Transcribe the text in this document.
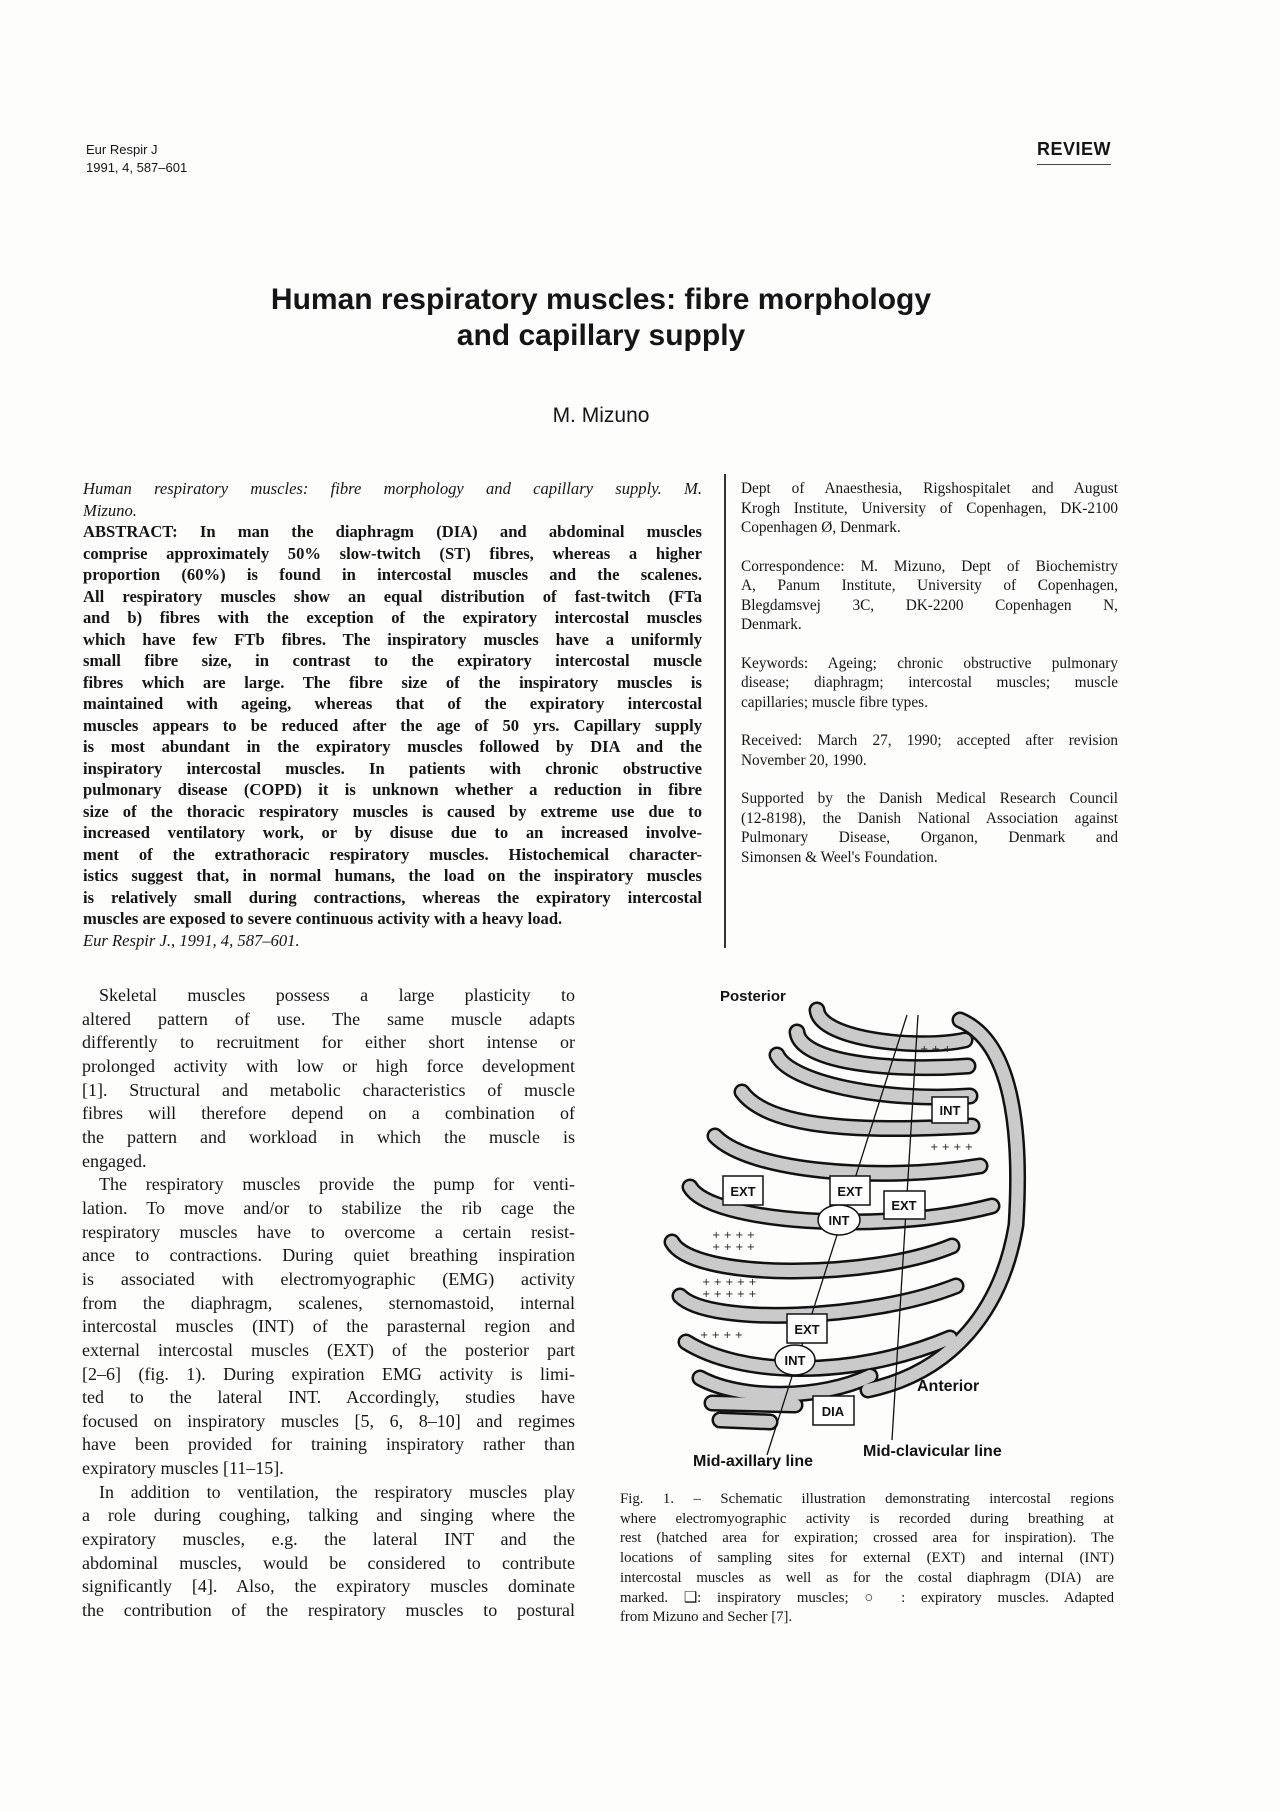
Eur Respir J
1991, 4, 587–601
REVIEW
Human respiratory muscles: fibre morphology
and capillary supply
M. Mizuno
Human respiratory muscles: fibre morphology and capillary supply. M.
Mizuno.
ABSTRACT: In man the diaphragm (DIA) and abdominal muscles
comprise approximately 50% slow-twitch (ST) fibres, whereas a higher
proportion (60%) is found in intercostal muscles and the scalenes.
All respiratory muscles show an equal distribution of fast-twitch (FTa
and b) fibres with the exception of the expiratory intercostal muscles
which have few FTb fibres. The inspiratory muscles have a uniformly
small fibre size, in contrast to the expiratory intercostal muscle
fibres which are large. The fibre size of the inspiratory muscles is
maintained with ageing, whereas that of the expiratory intercostal
muscles appears to be reduced after the age of 50 yrs. Capillary supply
is most abundant in the expiratory muscles followed by DIA and the
inspiratory intercostal muscles. In patients with chronic obstructive
pulmonary disease (COPD) it is unknown whether a reduction in fibre
size of the thoracic respiratory muscles is caused by extreme use due to
increased ventilatory work, or by disuse due to an increased involve-
ment of the extrathoracic respiratory muscles. Histochemical character-
istics suggest that, in normal humans, the load on the inspiratory muscles
is relatively small during contractions, whereas the expiratory intercostal
muscles are exposed to severe continuous activity with a heavy load.
Eur Respir J., 1991, 4, 587–601.
Dept of Anaesthesia, Rigshospitalet and August
Krogh Institute, University of Copenhagen, DK-2100
Copenhagen Ø, Denmark.
Correspondence: M. Mizuno, Dept of Biochemistry
A, Panum Institute, University of Copenhagen,
Blegdamsvej 3C, DK-2200 Copenhagen N,
Denmark.
Keywords: Ageing; chronic obstructive pulmonary
disease; diaphragm; intercostal muscles; muscle
capillaries; muscle fibre types.
Received: March 27, 1990; accepted after revision
November 20, 1990.
Supported by the Danish Medical Research Council
(12-8198), the Danish National Association against
Pulmonary Disease, Organon, Denmark and
Simonsen & Weel's Foundation.
Skeletal muscles possess a large plasticity to
altered pattern of use. The same muscle adapts
differently to recruitment for either short intense or
prolonged activity with low or high force development
[1]. Structural and metabolic characteristics of muscle
fibres will therefore depend on a combination of
the pattern and workload in which the muscle is
engaged.
The respiratory muscles provide the pump for venti-
lation. To move and/or to stabilize the rib cage the
respiratory muscles have to overcome a certain resist-
ance to contractions. During quiet breathing inspiration
is associated with electromyographic (EMG) activity
from the diaphragm, scalenes, sternomastoid, internal
intercostal muscles (INT) of the parasternal region and
external intercostal muscles (EXT) of the posterior part
[2–6] (fig. 1). During expiration EMG activity is limi-
ted to the lateral INT. Accordingly, studies have
focused on inspiratory muscles [5, 6, 8–10] and regimes
have been provided for training inspiratory rather than
expiratory muscles [11–15].
In addition to ventilation, the respiratory muscles play
a role during coughing, talking and singing where the
expiratory muscles, e.g. the lateral INT and the
abdominal muscles, would be considered to contribute
significantly [4]. Also, the expiratory muscles dominate
the contribution of the respiratory muscles to postural
+ + + +
+ + + +
+ + + + +
+ + + + +
+ + + +
+ + +
+ + + +
INT
EXT	EXT
EXT
INT
EXT
INT
DIA
Posterior
Anterior
Mid-axillary line
Mid-clavicular line
Fig. 1. – Schematic illustration demonstrating intercostal regions
where electromyographic activity is recorded during breathing at
rest (hatched area for expiration; crossed area for inspiration). The
locations of sampling sites for external (EXT) and internal (INT)
intercostal muscles as well as for the costal diaphragm (DIA) are
marked. ❑: inspiratory muscles; ○ : expiratory muscles. Adapted
from Mizuno and Secher [7].
